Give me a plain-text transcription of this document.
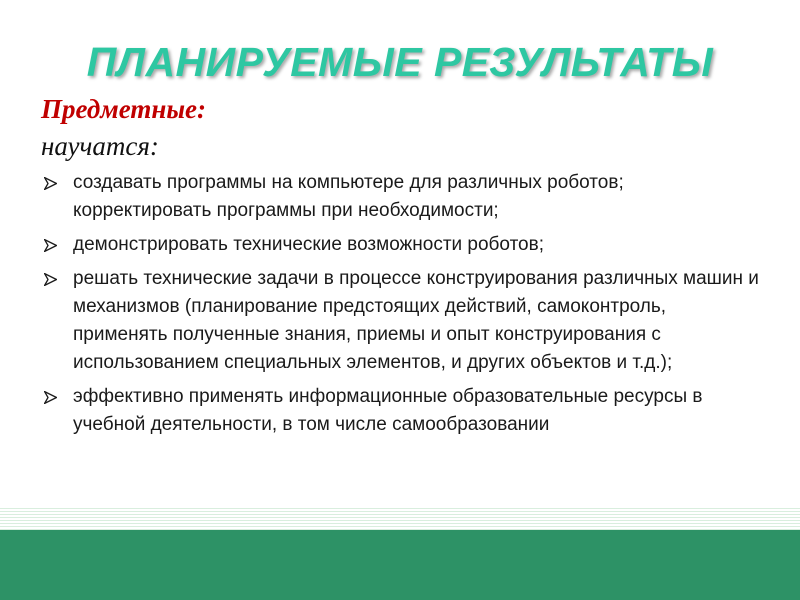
ПЛАНИРУЕМЫЕ РЕЗУЛЬТАТЫ
Предметные:
научатся:
создавать программы на компьютере для различных роботов; корректировать программы при необходимости;
демонстрировать технические возможности роботов;
решать технические задачи в процессе конструирования различных машин и механизмов (планирование предстоящих действий, самоконтроль, применять полученные знания, приемы и опыт конструирования с использованием специальных элементов, и других объектов и т.д.);
эффективно применять информационные образовательные ресурсы в учебной деятельности, в том числе самообразовании
